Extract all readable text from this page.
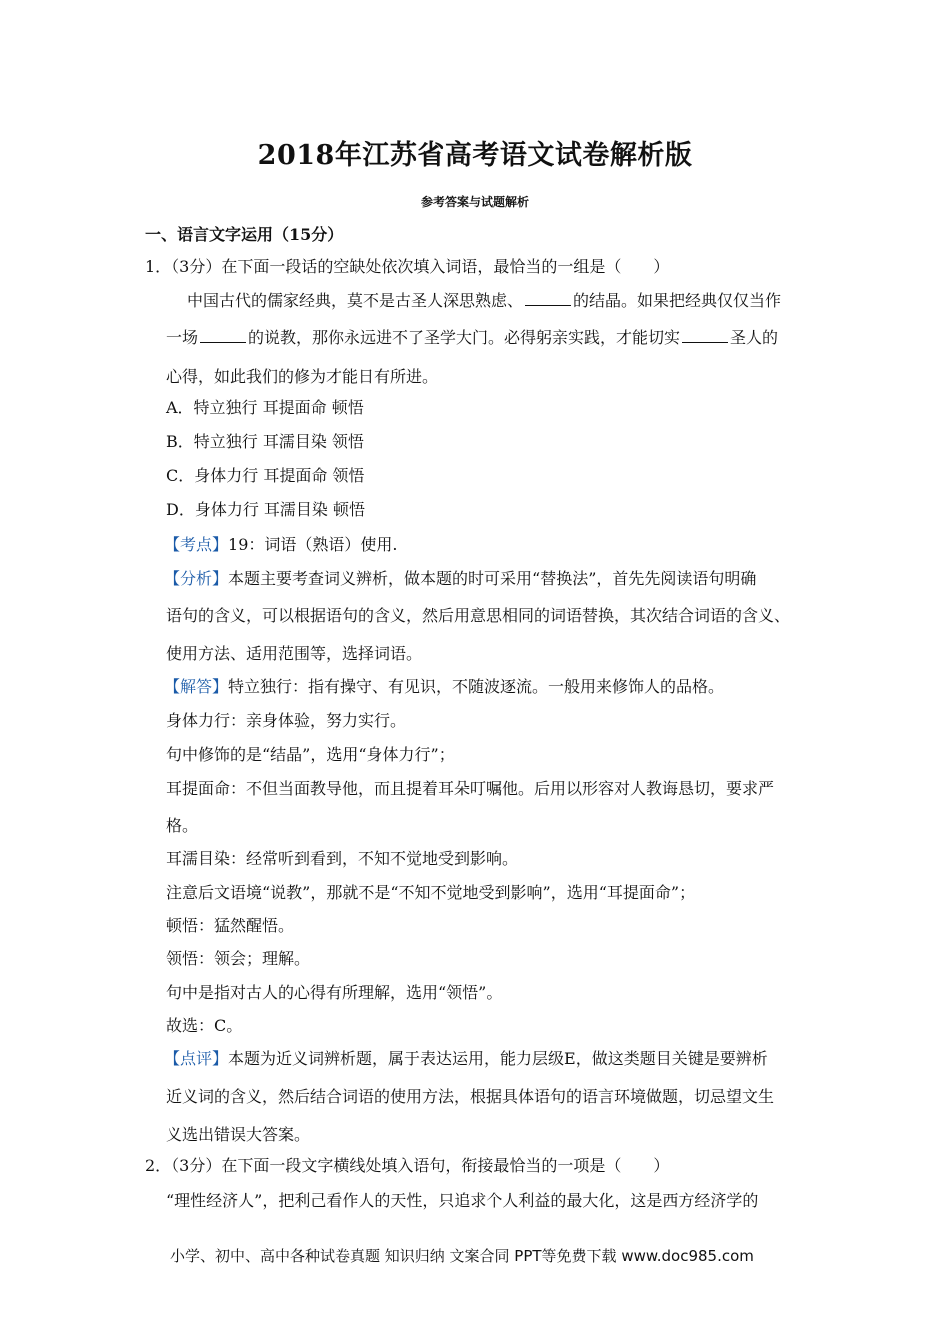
2018年江苏省高考语文试卷解析版
参考答案与试题解析
一、语言文字运用（15分）
1．（3分）在下面一段话的空缺处依次填入词语，最恰当的一组是（　　）
中国古代的儒家经典，莫不是古圣人深思熟虑、	的结晶。如果把经典仅仅当作
一场	的说教，那你永远进不了圣学大门。必得躬亲实践，才能切实	圣人的
心得，如此我们的修为才能日有所进。
A．特立独行 耳提面命 顿悟
B．特立独行 耳濡目染 领悟
C．身体力行 耳提面命 领悟
D．身体力行 耳濡目染 顿悟
【考点】19：词语（熟语）使用.
【分析】本题主要考查词义辨析，做本题的时可采用“替换法”，首先先阅读语句明确
语句的含义，可以根据语句的含义，然后用意思相同的词语替换，其次结合词语的含义、
使用方法、适用范围等，选择词语。
【解答】特立独行：指有操守、有见识，不随波逐流。一般用来修饰人的品格。
身体力行：亲身体验，努力实行。
句中修饰的是“结晶”，选用“身体力行”；
耳提面命：不但当面教导他，而且提着耳朵叮嘱他。后用以形容对人教诲恳切，要求严
格。
耳濡目染：经常听到看到，不知不觉地受到影响。
注意后文语境“说教”，那就不是“不知不觉地受到影响”，选用“耳提面命”；
顿悟：猛然醒悟。
领悟：领会；理解。
句中是指对古人的心得有所理解，选用“领悟”。
故选：C。
【点评】本题为近义词辨析题，属于表达运用，能力层级E，做这类题目关键是要辨析
近义词的含义，然后结合词语的使用方法，根据具体语句的语言环境做题，切忌望文生
义选出错误大答案。
2．（3分）在下面一段文字横线处填入语句，衔接最恰当的一项是（　　）
“理性经济人”，把利己看作人的天性，只追求个人利益的最大化，这是西方经济学的
小学、初中、高中各种试卷真题 知识归纳 文案合同 PPT等免费下载 www.doc985.com
